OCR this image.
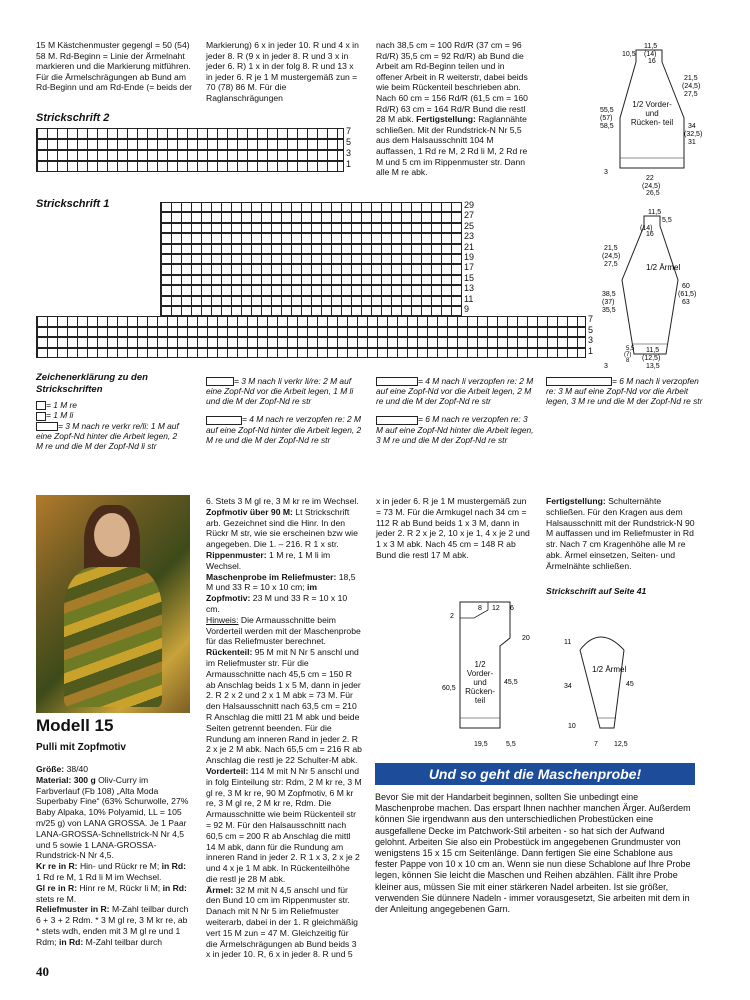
15 M Kästchenmuster gegengl = 50 (54) 58 M. Rd-Beginn = Linie der Ärmelnaht markieren und die Markierung mitführen. Für die Ärmelschrägungen ab Bund am Rd-Beginn und am Rd-Ende (= beids der
Markierung) 6 x in jeder 10. R und 4 x in jeder 8. R (9 x in jeder 8. R und 3 x in jeder 6. R) 1 x in der folg 8. R und 13 x in jeder 6. R je 1 M mustergemäß zun = 70 (78) 86 M. Für die Raglanschrägungen
nach 38,5 cm = 100 Rd/R (37 cm = 96 Rd/R) 35,5 cm = 92 Rd/R) ab Bund die Arbeit am Rd-Beginn teilen und in offener Arbeit in R weiterstr, dabei beids wie beim Rückenteil beschrieben abn. Nach 60 cm = 156 Rd/R (61,5 cm = 160 Rd/R) 63 cm = 164 Rd/R Bund die restl 28 M abk. Fertigstellung: Raglannähte schließen. Mit der Rundstrick-N Nr 5,5 aus dem Halsausschnitt 104 M auffassen, 1 Rd re M, 2 Rd li M, 2 Rd re M und 5 cm im Rippenmuster str. Dann alle M re abk.
Strickschrift 2
7
5
3
1
Strickschrift 1	29
27
25
23
21
19
17
15
13
11
9
7
5
3
1
11,5
10,5 (14)
16
21,5
(24,5)
27,5
55,5
(57)
58,5	34
(32,5)
31
1/2 Vorder- und Rücken- teil
3
22
(24,5)
26,5
11,5
5,5
(14)
16
21,5
(24,5)
27,5
38,5
(37)
35,5
60
(61,5)
63
1/2 Ärmel
11,5
(12,5)
13,5
5,5
(7)
8
3
Zeichenerklärung zu den Strickschriften
= 1 M re
= 1 M li
= 3 M nach re verkr re/li: 1 M auf eine Zopf-Nd hinter die Arbeit legen, 2 M re und die M der Zopf-Nd li str
= 3 M nach li verkr li/re: 2 M auf eine Zopf-Nd vor die Arbeit legen, 1 M li und die M der Zopf-Nd re str
= 4 M nach re verzopfen re: 2 M auf eine Zopf-Nd hinter die Arbeit legen, 2 M re und die M der Zopf-Nd re str
= 4 M nach li verzopfen re: 2 M auf eine Zopf-Nd vor die Arbeit legen, 2 M re und die M der Zopf-Nd re str
= 6 M nach re verzopfen re: 3 M auf eine Zopf-Nd hinter die Arbeit legen, 3 M re und die M der Zopf-Nd re str
= 6 M nach li verzopfen re: 3 M auf eine Zopf-Nd vor die Arbeit legen, 3 M re und die M der Zopf-Nd re str
Modell 15
Pulli mit Zopfmotiv
Größe: 38/40
Material: 300 g Oliv-Curry im Farbverlauf (Fb 108) „Alta Moda Superbaby Fine“ (63% Schurwolle, 27% Baby Alpaka, 10% Polyamid, LL = 105 m/25 g) von LANA GROSSA. Je 1 Paar LANA-GROSSA-Schnellstrick-N Nr 4,5 und 5 sowie 1 LANA-GROSSA-Rundstrick-N Nr 4,5.
Kr re in R: Hin- und Rückr re M; in Rd: 1 Rd re M, 1 Rd li M im Wechsel.
Gl re in R: Hinr re M, Rückr li M; in Rd: stets re M.
Reliefmuster in R: M-Zahl teilbar durch 6 + 3 + 2 Rdm. * 3 M gl re, 3 M kr re, ab * stets wdh, enden mit 3 M gl re und 1 Rdm; in Rd: M-Zahl teilbar durch
6. Stets 3 M gl re, 3 M kr re im Wechsel.
Zopfmotiv über 90 M: Lt Strickschrift arb. Gezeichnet sind die Hinr. In den Rückr M str, wie sie erscheinen bzw wie angegeben. Die 1. – 216. R 1 x str.
Rippenmuster: 1 M re, 1 M li im Wechsel.
Maschenprobe im Reliefmuster: 18,5 M und 33 R = 10 x 10 cm; im Zopfmotiv: 23 M und 33 R = 10 x 10 cm.
Hinweis: Die Armausschnitte beim Vorderteil werden mit der Maschenprobe für das Reliefmuster berechnet.
Rückenteil: 95 M mit N Nr 5 anschl und im Reliefmuster str. Für die Armausschnitte nach 45,5 cm = 150 R ab Anschlag beids 1 x 5 M, dann in jeder 2. R 2 x 2 und 2 x 1 M abk = 73 M. Für den Halsausschnitt nach 63,5 cm = 210 R Anschlag die mittl 21 M abk und beide Seiten getrennt beenden. Für die Rundung am inneren Rand in jeder 2. R 2 x je 2 M abk. Nach 65,5 cm = 216 R ab Anschlag die restl je 22 Schulter-M abk.
Vorderteil: 114 M mit N Nr 5 anschl und in folg Einteilung str: Rdm, 2 M kr re, 3 M gl re, 3 M kr re, 90 M Zopfmotiv, 6 M kr re, 3 M gl re, 2 M kr re, Rdm. Die Armausschnitte wie beim Rückenteil str = 92 M. Für den Halsausschnitt nach 60,5 cm = 200 R ab Anschlag die mittl 14 M abk, dann für die Rundung am inneren Rand in jeder 2. R 1 x 3, 2 x je 2 und 4 x je 1 M abk. In Rückenteilhöhe die restl je 28 M abk.
Ärmel: 32 M mit N 4,5 anschl und für den Bund 10 cm im Rippenmuster str. Danach mit N Nr 5 im Reliefmuster weiterarb, dabei in der 1. R gleichmäßig vert 15 M zun = 47 M. Gleichzeitig für die Ärmelschrägungen ab Bund beids 3 x in jeder 10. R, 6 x in jeder 8. R und 5
x in jeder 6. R je 1 M mustergemäß zun = 73 M. Für die Armkugel nach 34 cm = 112 R ab Bund beids 1 x 3 M, dann in jeder 2. R 2 x je 2, 10 x je 1, 4 x je 2 und 1 x 3 M abk. Nach 45 cm = 148 R ab Bund die restl 17 M abk.
Fertigstellung: Schulternähte schließen. Für den Kragen aus dem Halsausschnitt mit der Rundstrick-N 90 M auffassen und im Reliefmuster in Rd str. Nach 7 cm Kragenhöhe alle M re abk. Ärmel einsetzen, Seiten- und Ärmelnähte schließen.
Strickschrift auf Seite 41
8 12 6
2
20
60,5
45,5
1/2 Vorder- und Rücken- teil
19,5	5,5
11
34	45
10
1/2 Ärmel
7 12,5
Und so geht die Maschenprobe!
Bevor Sie mit der Handarbeit beginnen, sollten Sie unbedingt eine Maschenprobe machen. Das erspart Ihnen nachher manchen Ärger. Außerdem können Sie irgendwann aus den unterschiedlichen Probestücken eine ausgefallene Decke im Patchwork-Stil arbeiten - so hat sich der Aufwand gelohnt. Arbeiten Sie also ein Probestück im angegebenen Grundmuster von wenigstens 15 x 15 cm Seitenlänge. Dann fertigen Sie eine Schablone aus fester Pappe von 10 x 10 cm an. Wenn sie nun diese Schablone auf Ihre Probe legen, können Sie leicht die Maschen und Reihen abzählen. Fällt ihre Probe kleiner aus, müssen Sie mit einer stärkeren Nadel arbeiten. Ist sie größer, verwenden Sie dünnere Nadeln - immer vorausgesetzt, Sie arbeiten mit dem in der Anleitung angegebenen Garn.
40
